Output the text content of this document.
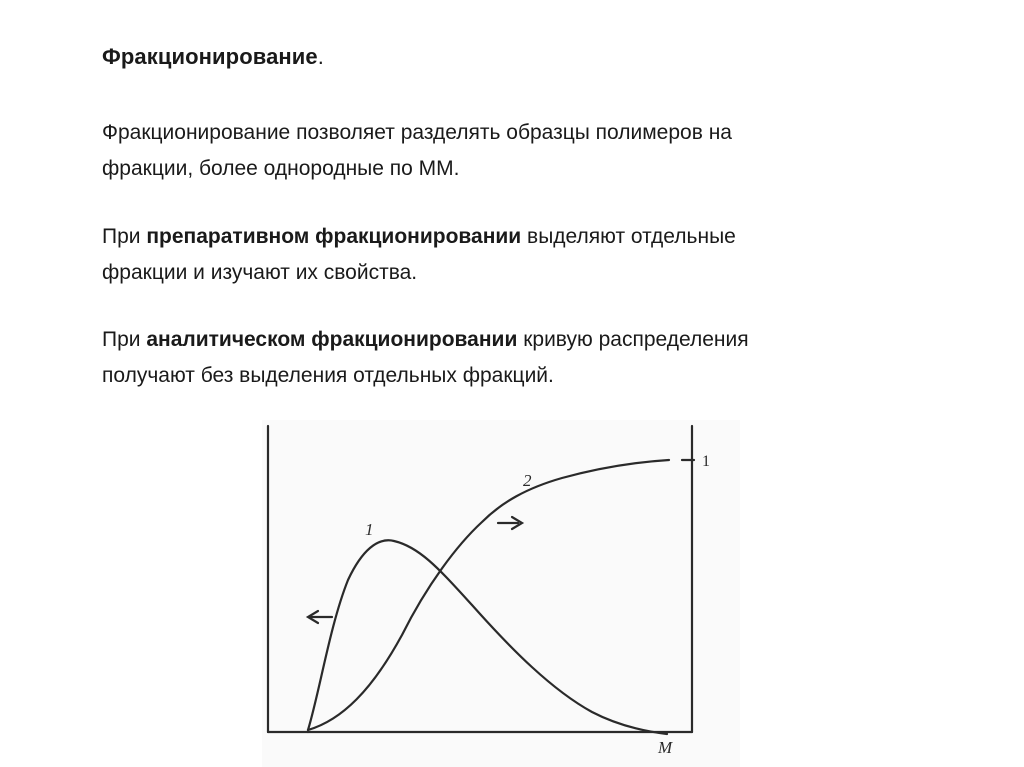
Фракционирование.
Фракционирование позволяет разделять образцы полимеров на
фракции, более однородные по ММ.
При препаративном фракционировании выделяют отдельные
фракции и изучают их свойства.
При аналитическом фракционировании кривую распределения
получают без выделения отдельных фракций.
1
2
M
1
